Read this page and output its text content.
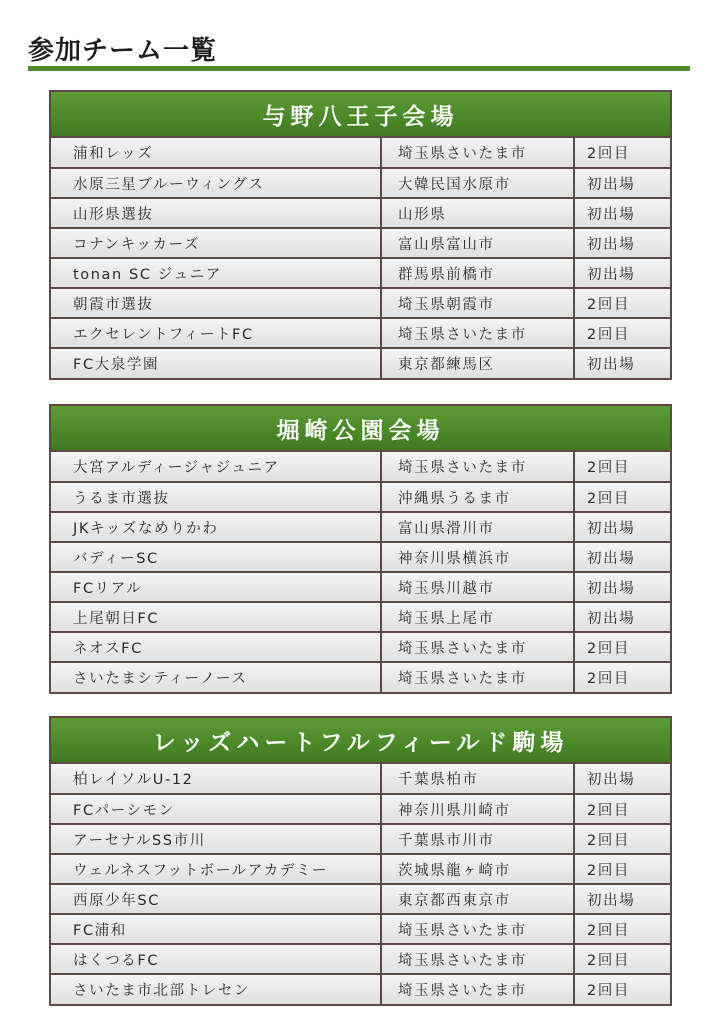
参加チーム一覧
与野八王子会場
浦和レッズ	埼玉県さいたま市	2回目
水原三星ブルーウィングス	大韓民国水原市	初出場
山形県選抜	山形県	初出場
コナンキッカーズ	富山県富山市	初出場
tonan SC ジュニア	群馬県前橋市	初出場
朝霞市選抜	埼玉県朝霞市	2回目
エクセレントフィートFC	埼玉県さいたま市	2回目
FC大泉学園	東京都練馬区	初出場
堀崎公園会場
大宮アルディージャジュニア	埼玉県さいたま市	2回目
うるま市選抜	沖縄県うるま市	2回目
JKキッズなめりかわ	富山県滑川市	初出場
バディーSC	神奈川県横浜市	初出場
FCリアル	埼玉県川越市	初出場
上尾朝日FC	埼玉県上尾市	初出場
ネオスFC	埼玉県さいたま市	2回目
さいたまシティーノース	埼玉県さいたま市	2回目
レッズハートフルフィールド駒場
柏レイソルU-12	千葉県柏市	初出場
FCパーシモン	神奈川県川崎市	2回目
アーセナルSS市川	千葉県市川市	2回目
ウェルネスフットボールアカデミー	茨城県龍ヶ崎市	2回目
西原少年SC	東京都西東京市	初出場
FC浦和	埼玉県さいたま市	2回目
はくつるFC	埼玉県さいたま市	2回目
さいたま市北部トレセン	埼玉県さいたま市	2回目
